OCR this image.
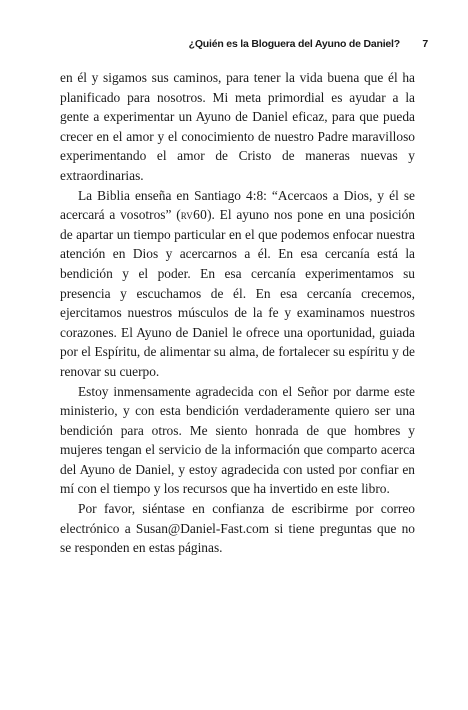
¿Quién es la Bloguera del Ayuno de Daniel? 7

en él y sigamos sus caminos, para tener la vida buena que él ha planificado para nosotros. Mi meta primordial es ayudar a la gente a experimentar un Ayuno de Daniel eficaz, para que pueda crecer en el amor y el conocimiento de nuestro Padre maravilloso experimentando el amor de Cristo de maneras nuevas y extraordinarias.

La Biblia enseña en Santiago 4:8: “Acercaos a Dios, y él se acercará a vosotros” (rv60). El ayuno nos pone en una posición de apartar un tiempo particular en el que podemos enfocar nuestra atención en Dios y acercarnos a él. En esa cercanía está la bendición y el poder. En esa cercanía experimentamos su presencia y escuchamos de él. En esa cercanía crecemos, ejercitamos nuestros músculos de la fe y examinamos nuestros corazones. El Ayuno de Daniel le ofrece una oportunidad, guiada por el Espíritu, de alimentar su alma, de fortalecer su espíritu y de renovar su cuerpo.

Estoy inmensamente agradecida con el Señor por darme este ministerio, y con esta bendición verdaderamente quiero ser una bendición para otros. Me siento honrada de que hombres y mujeres tengan el servicio de la información que comparto acerca del Ayuno de Daniel, y estoy agradecida con usted por confiar en mí con el tiempo y los recursos que ha invertido en este libro.

Por favor, siéntase en confianza de escribirme por correo electrónico a Susan@Daniel-Fast.com si tiene preguntas que no se responden en estas páginas.
